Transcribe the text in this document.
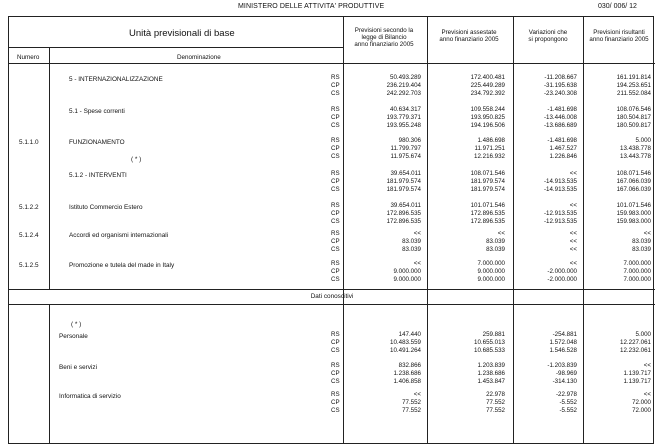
MINISTERO DELLE ATTIVITA' PRODUTTIVE	030/ 006/ 12
Unità previsionali di base
Numero	Denominazione
Previsioni secondo la
legge di Bilancio
anno finanziario 2005
Previsioni assestate
anno finanziario 2005
Variazioni che
si propongono
Previsioni risultanti
anno finanziario 2005
Dati conoscitivi
5 - INTERNAZIONALIZZAZIONE	RS	50.493.289	172.400.481	-11.208.667	161.191.814
CP	236.219.404	225.449.289	-31.195.638	194.253.651
CS	242.292.703	234.792.392	-23.240.308	211.552.084
5.1 - Spese correnti	RS	40.634.317	109.558.244	-1.481.698	108.076.546
CP	193.779.371	193.950.825	-13.446.008	180.504.817
CS	193.955.248	194.196.506	-13.686.689	180.509.817
5.1.1.0	FUNZIONAMENTO	RS	980.306	1.486.698	-1.481.698	5.000
CP	11.799.797	11.971.251	1.467.527	13.438.778
CS	11.975.674	12.216.932	1.226.846	13.443.778
5.1.2 - INTERVENTI
( * )
RS	39.654.011	108.071.546	<<	108.071.546
CP	181.979.574	181.979.574	-14.913.535	167.066.039
CS	181.979.574	181.979.574	-14.913.535	167.066.039
5.1.2.2	Istituto Commercio Estero	RS	39.654.011	101.071.546	<<	101.071.546
CP	172.896.535	172.896.535	-12.913.535	159.983.000
CS	172.896.535	172.896.535	-12.913.535	159.983.000
5.1.2.4	Accordi ed organismi internazionali	RS	<<	<<	<<	<<
CP	83.039	83.039	<<	83.039
CS	83.039	83.039	<<	83.039
5.1.2.5	Promozione e tutela del made in Italy	RS	<<	7.000.000	<<	7.000.000
CP	9.000.000	9.000.000	-2.000.000	7.000.000
CS	9.000.000	9.000.000	-2.000.000	7.000.000
Personale
( * )
RS	147.440	259.881	-254.881	5.000
CP	10.483.559	10.655.013	1.572.048	12.227.061
CS	10.491.264	10.685.533	1.546.528	12.232.061
Beni e servizi	RS	832.866	1.203.839	-1.203.839	<<
CP	1.238.686	1.238.686	-98.969	1.139.717
CS	1.406.858	1.453.847	-314.130	1.139.717
Informatica di servizio	RS	<<	22.978	-22.978	<<
CP	77.552	77.552	-5.552	72.000
CS	77.552	77.552	-5.552	72.000
